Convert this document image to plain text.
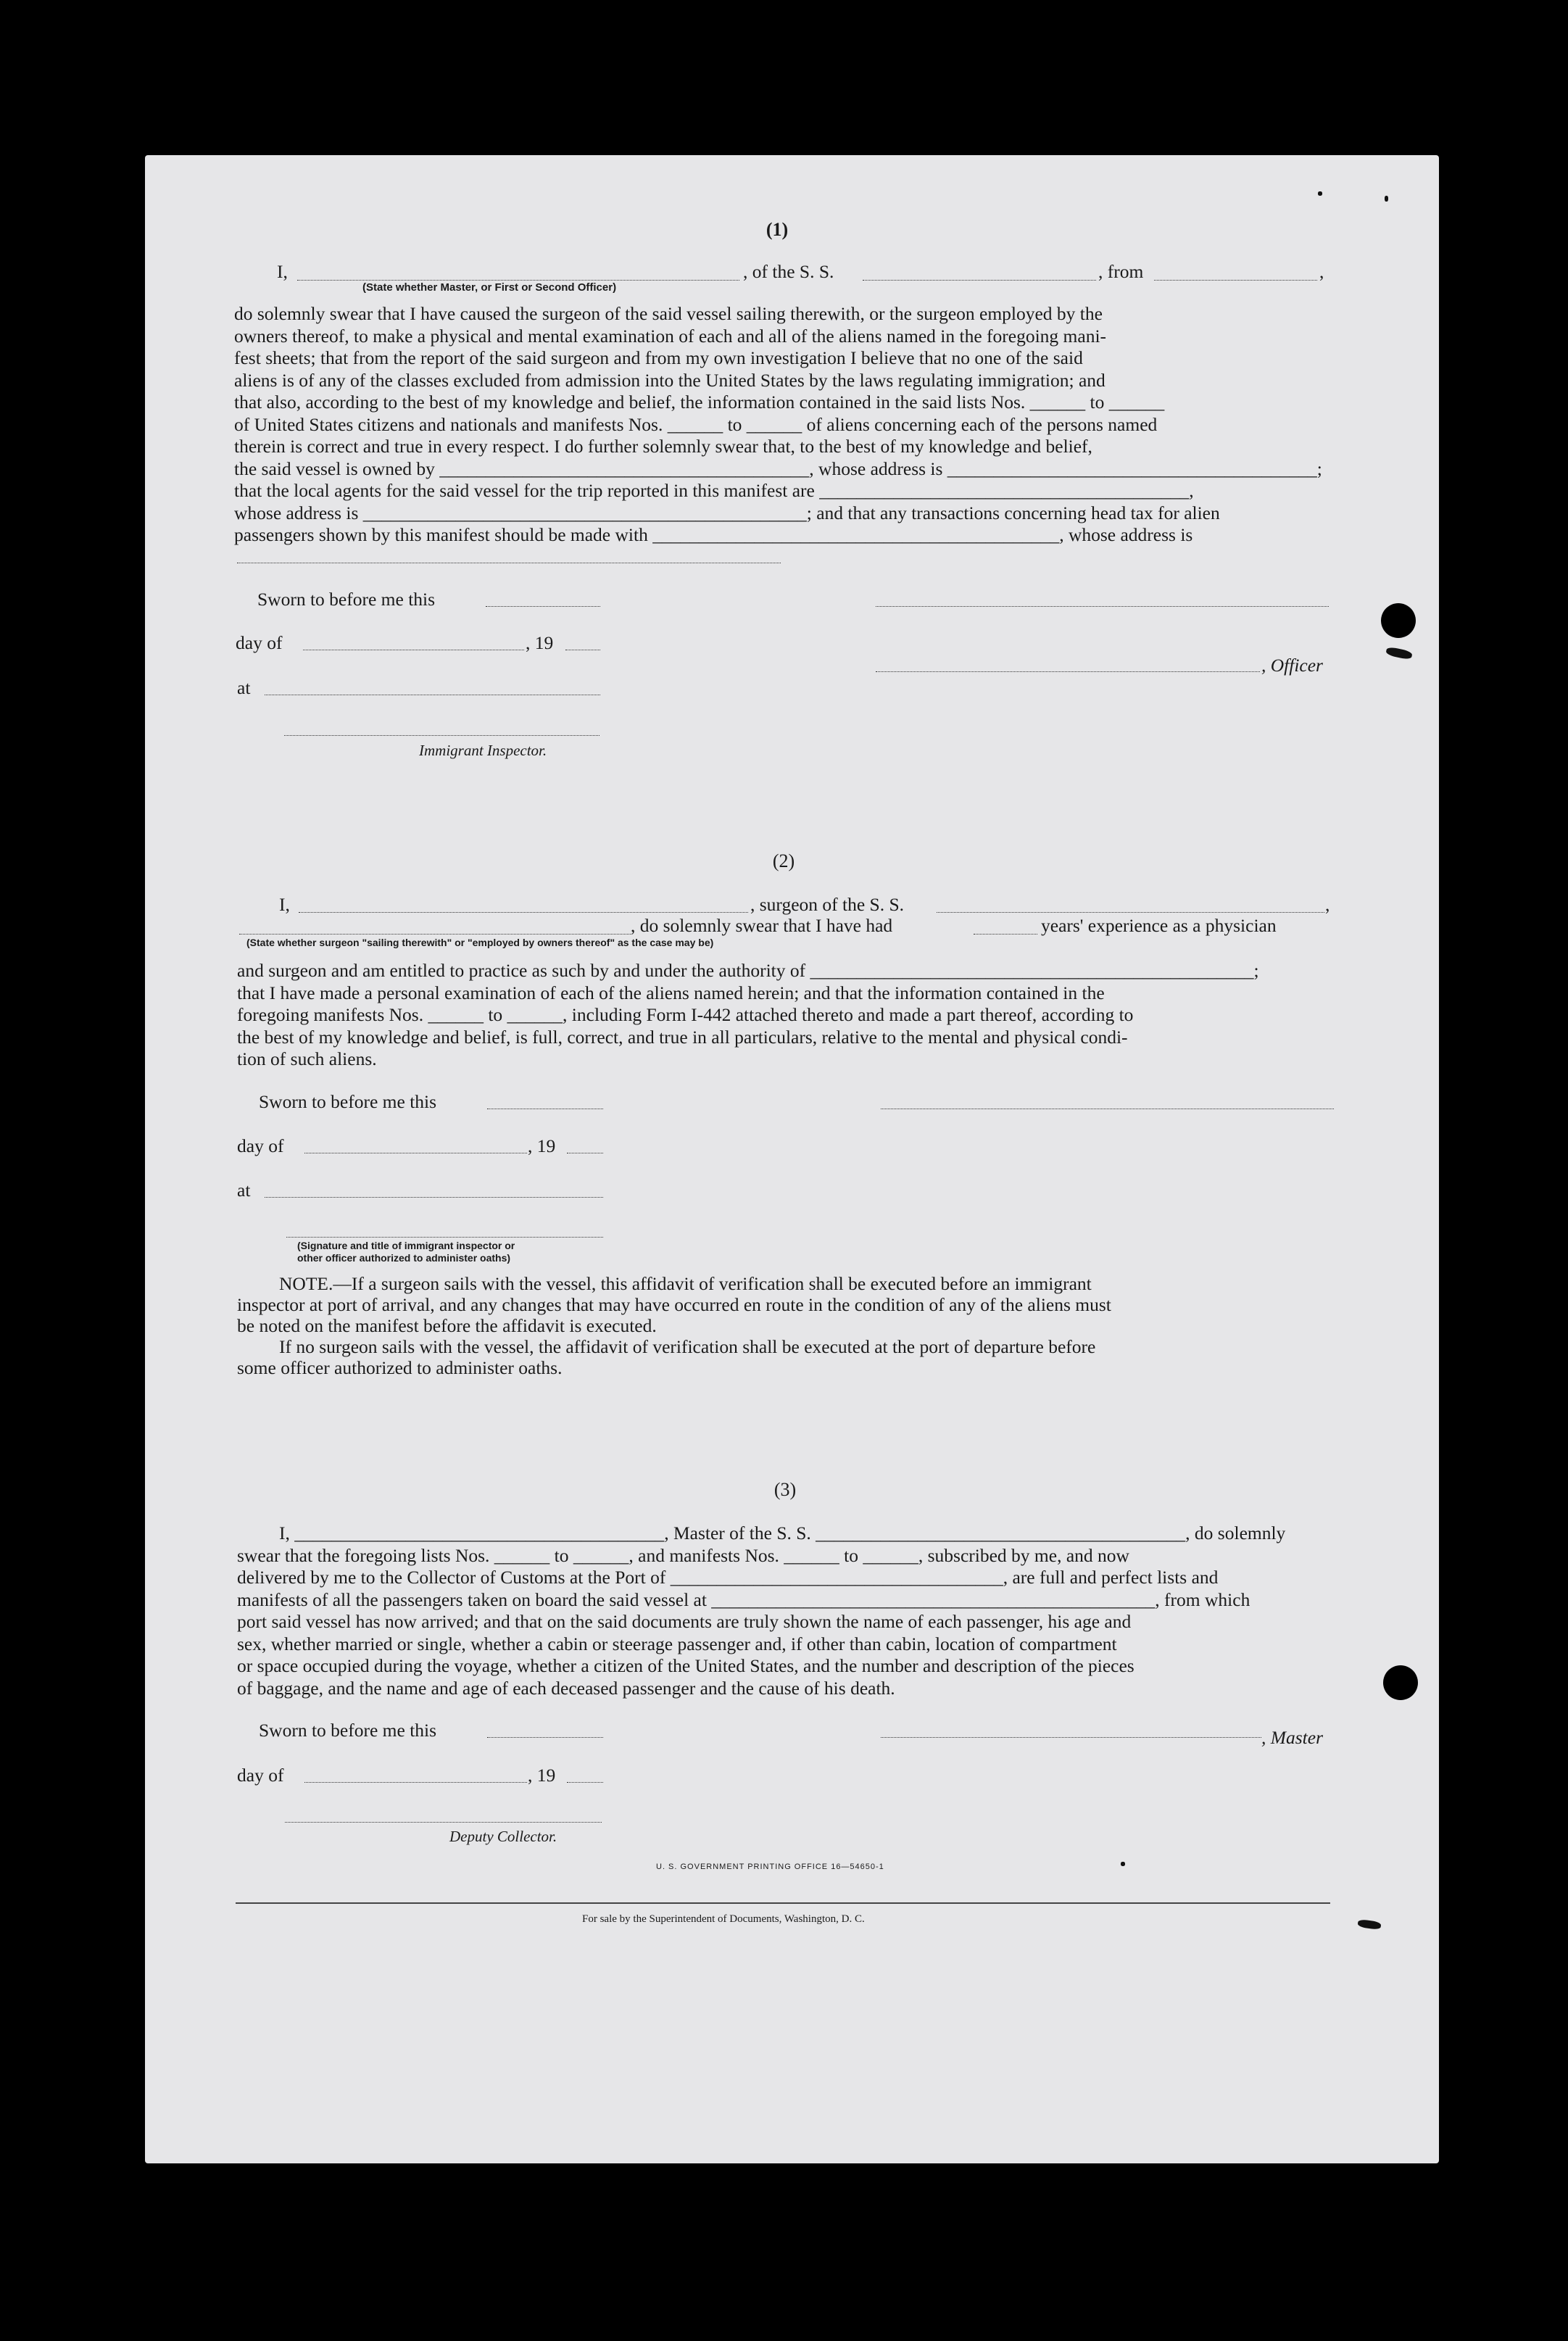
(1)
I,	, of the S. S.	, from	,
(State whether Master, or First or Second Officer)
do solemnly swear that I have caused the surgeon of the said vessel sailing therewith, or the surgeon employed by the
owners thereof, to make a physical and mental examination of each and all of the aliens named in the foregoing mani-
fest sheets; that from the report of the said surgeon and from my own investigation I believe that no one of the said
aliens is of any of the classes excluded from admission into the United States by the laws regulating immigration; and
that also, according to the best of my knowledge and belief, the information contained in the said lists Nos. ______ to ______
of United States citizens and nationals and manifests Nos. ______ to ______ of aliens concerning each of the persons named
therein is correct and true in every respect. I do further solemnly swear that, to the best of my knowledge and belief,
the said vessel is owned by ________________________________________, whose address is ________________________________________;
that the local agents for the said vessel for the trip reported in this manifest are ________________________________________,
whose address is ________________________________________________; and that any transactions concerning head tax for alien
passengers shown by this manifest should be made with ____________________________________________, whose address is
Sworn to before me this
day of	, 19
, Officer
at
Immigrant Inspector.
(2)
I,	, surgeon of the S. S.	,
, do solemnly swear that I have had	years' experience as a physician
(State whether surgeon "sailing therewith" or "employed by owners thereof" as the case may be)
and surgeon and am entitled to practice as such by and under the authority of ________________________________________________;
that I have made a personal examination of each of the aliens named herein; and that the information contained in the
foregoing manifests Nos. ______ to ______, including Form I-442 attached thereto and made a part thereof, according to
the best of my knowledge and belief, is full, correct, and true in all particulars, relative to the mental and physical condi-
tion of such aliens.
Sworn to before me this
day of	, 19
at
(Signature and title of immigrant inspector or
other officer authorized to administer oaths)
NOTE.—If a surgeon sails with the vessel, this affidavit of verification shall be executed before an immigrant
inspector at port of arrival, and any changes that may have occurred en route in the condition of any of the aliens must
be noted on the manifest before the affidavit is executed.
If no surgeon sails with the vessel, the affidavit of verification shall be executed at the port of departure before
some officer authorized to administer oaths.
(3)
I, ________________________________________, Master of the S. S. ________________________________________, do solemnly
swear that the foregoing lists Nos. ______ to ______, and manifests Nos. ______ to ______, subscribed by me, and now
delivered by me to the Collector of Customs at the Port of ____________________________________, are full and perfect lists and
manifests of all the passengers taken on board the said vessel at ________________________________________________, from which
port said vessel has now arrived; and that on the said documents are truly shown the name of each passenger, his age and
sex, whether married or single, whether a cabin or steerage passenger and, if other than cabin, location of compartment
or space occupied during the voyage, whether a citizen of the United States, and the number and description of the pieces
of baggage, and the name and age of each deceased passenger and the cause of his death.
Sworn to before me this	, Master
day of	, 19
Deputy Collector.
U. S. GOVERNMENT PRINTING OFFICE 16—54650-1
For sale by the Superintendent of Documents, Washington, D. C.
